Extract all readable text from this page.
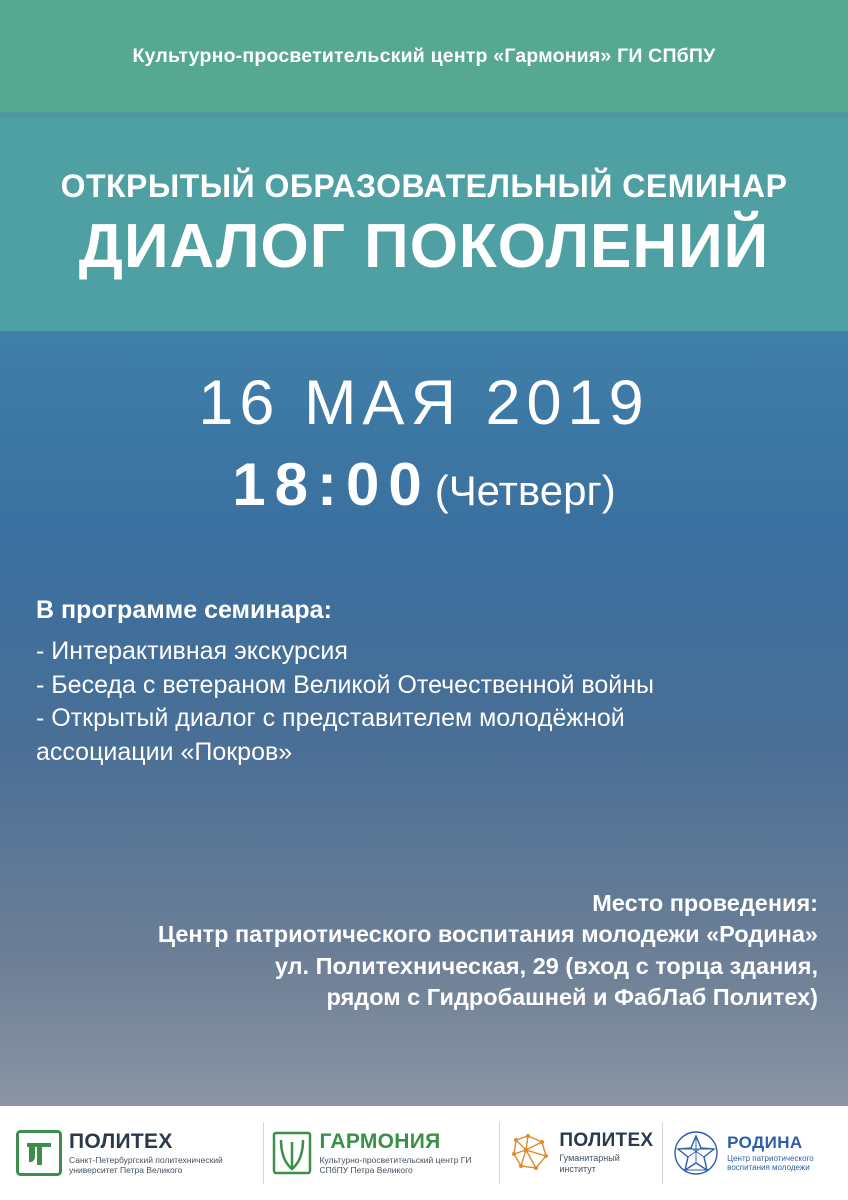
Культурно-просветительский центр «Гармония» ГИ СПбПУ
ОТКРЫТЫЙ ОБРАЗОВАТЕЛЬНЫЙ СЕМИНАР
ДИАЛОГ ПОКОЛЕНИЙ
16 МАЯ 2019
18:00 (Четверг)
В программе семинара:
- Интерактивная экскурсия
- Беседа с ветераном Великой Отечественной войны
- Открытый диалог с представителем молодёжной ассоциации «Покров»
Место проведения:
Центр патриотического воспитания молодежи «Родина»
ул. Политехническая, 29 (вход с торца здания,
рядом с Гидробашней и ФабЛаб Политех)
ПОЛИТЕХ
Санкт-Петербургский политехнический университет Петра Великого
ГАРМОНИЯ
Культурно-просветительский центр ГИ СПбПУ Петра Великого
ПОЛИТЕХ
Гуманитарный институт
РОДИНА
Центр патриотического воспитания молодежи
